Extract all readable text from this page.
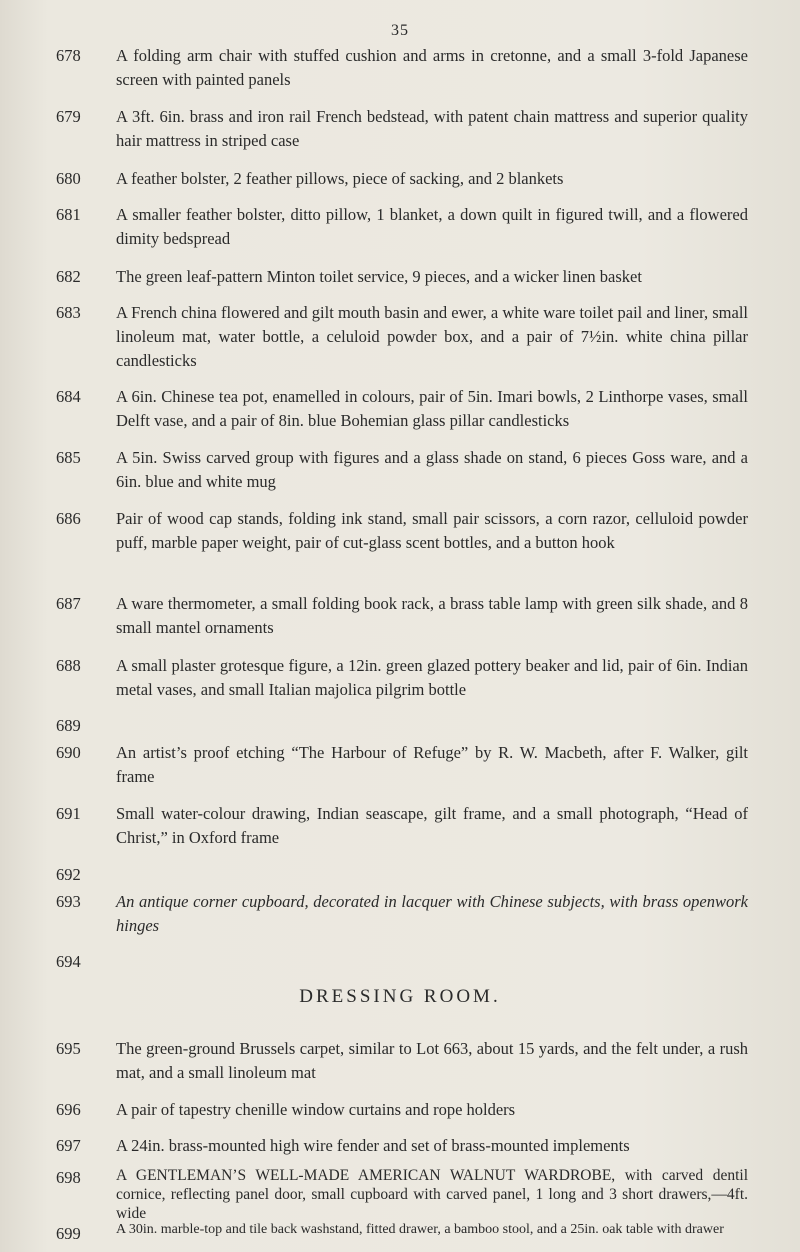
35
678	A folding arm chair with stuffed cushion and arms in cretonne, and a small 3-fold Japanese screen with painted panels
679	A 3ft. 6in. brass and iron rail French bedstead, with patent chain mattress and superior quality hair mattress in striped case
680	A feather bolster, 2 feather pillows, piece of sacking, and 2 blankets
681	A smaller feather bolster, ditto pillow, 1 blanket, a down quilt in figured twill, and a flowered dimity bedspread
682	The green leaf-pattern Minton toilet service, 9 pieces, and a wicker linen basket
683	A French china flowered and gilt mouth basin and ewer, a white ware toilet pail and liner, small linoleum mat, water bottle, a celuloid powder box, and a pair of 7½in. white china pillar candlesticks
684	A 6in. Chinese tea pot, enamelled in colours, pair of 5in. Imari bowls, 2 Linthorpe vases, small Delft vase, and a pair of 8in. blue Bohemian glass pillar candlesticks
685	A 5in. Swiss carved group with figures and a glass shade on stand, 6 pieces Goss ware, and a 6in. blue and white mug
686	Pair of wood cap stands, folding ink stand, small pair scissors, a corn razor, celluloid powder puff, marble paper weight, pair of cut-glass scent bottles, and a button hook
687	A ware thermometer, a small folding book rack, a brass table lamp with green silk shade, and 8 small mantel ornaments
688	A small plaster grotesque figure, a 12in. green glazed pottery beaker and lid, pair of 6in. Indian metal vases, and small Italian majolica pilgrim bottle
689
690	An artist’s proof etching “The Harbour of Refuge” by R. W. Macbeth, after F. Walker, gilt frame
691	Small water-colour drawing, Indian seascape, gilt frame, and a small photograph, “Head of Christ,” in Oxford frame
692
693	An antique corner cupboard, decorated in lacquer with Chinese subjects, with brass openwork hinges
694
DRESSING ROOM.
695	The green-ground Brussels carpet, similar to Lot 663, about 15 yards, and the felt under, a rush mat, and a small linoleum mat
696	A pair of tapestry chenille window curtains and rope holders
697	A 24in. brass-mounted high wire fender and set of brass-mounted implements
698	A GENTLEMAN’S WELL-MADE AMERICAN WALNUT WARDROBE, with carved dentil cornice, reflecting panel door, small cupboard with carved panel, 1 long and 3 short drawers,—4ft. wide
699	A 30in. marble-top and tile back washstand, fitted drawer, a bamboo stool, and a 25in. oak table with drawer
